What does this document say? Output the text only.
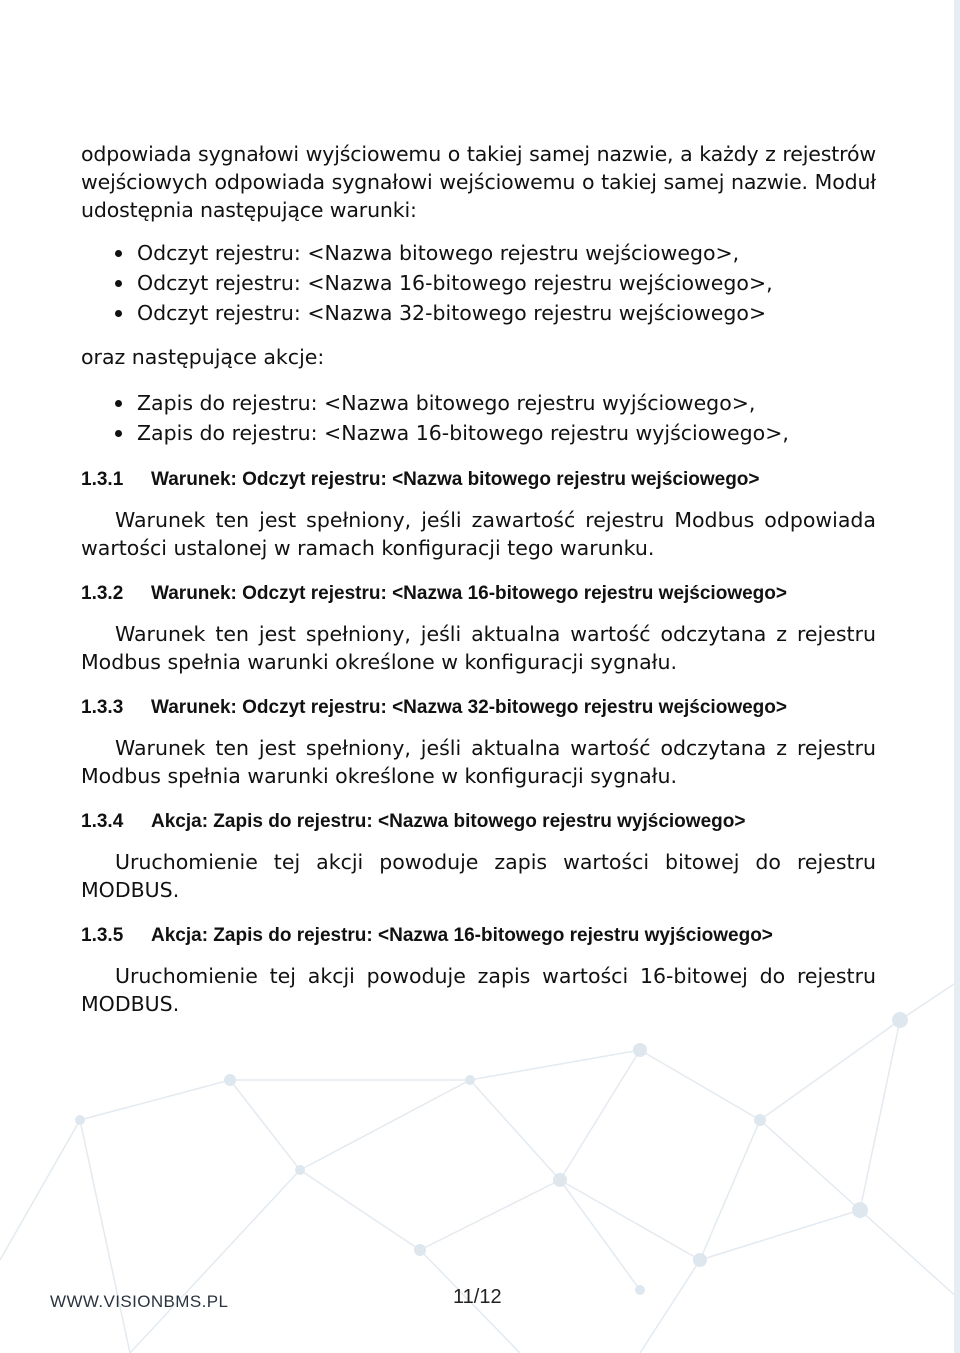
odpowiada sygnałowi wyjściowemu o takiej samej nazwie, a każdy z rejestrów wejściowych odpowiada sygnałowi wejściowemu o takiej samej nazwie. Moduł udostępnia następujące warunki:

Odczyt rejestru: <Nazwa bitowego rejestru wejściowego>,
Odczyt rejestru: <Nazwa 16-bitowego rejestru wejściowego>,
Odczyt rejestru: <Nazwa 32-bitowego rejestru wejściowego>

oraz następujące akcje:

Zapis do rejestru: <Nazwa bitowego rejestru wyjściowego>,
Zapis do rejestru: <Nazwa 16-bitowego rejestru wyjściowego>,
1.3.1	Warunek: Odczyt rejestru: <Nazwa bitowego rejestru wejściowego>

Warunek ten jest spełniony, jeśli zawartość rejestru Modbus odpowiada wartości ustalonej w ramach konfiguracji tego warunku.

1.3.2	Warunek: Odczyt rejestru: <Nazwa 16-bitowego rejestru wejściowego>

Warunek ten jest spełniony, jeśli aktualna wartość odczytana z rejestru Modbus spełnia warunki określone w konfiguracji sygnału.

1.3.3	Warunek: Odczyt rejestru: <Nazwa 32-bitowego rejestru wejściowego>

Warunek ten jest spełniony, jeśli aktualna wartość odczytana z rejestru Modbus spełnia warunki określone w konfiguracji sygnału.

1.3.4	Akcja: Zapis do rejestru: <Nazwa bitowego rejestru wyjściowego>

Uruchomienie tej akcji powoduje zapis wartości bitowej do rejestru MODBUS.

1.3.5	Akcja: Zapis do rejestru: <Nazwa 16-bitowego rejestru wyjściowego>

Uruchomienie tej akcji powoduje zapis wartości 16-bitowej do rejestru MODBUS.

WWW.VISIONBMS.PL	11/12
